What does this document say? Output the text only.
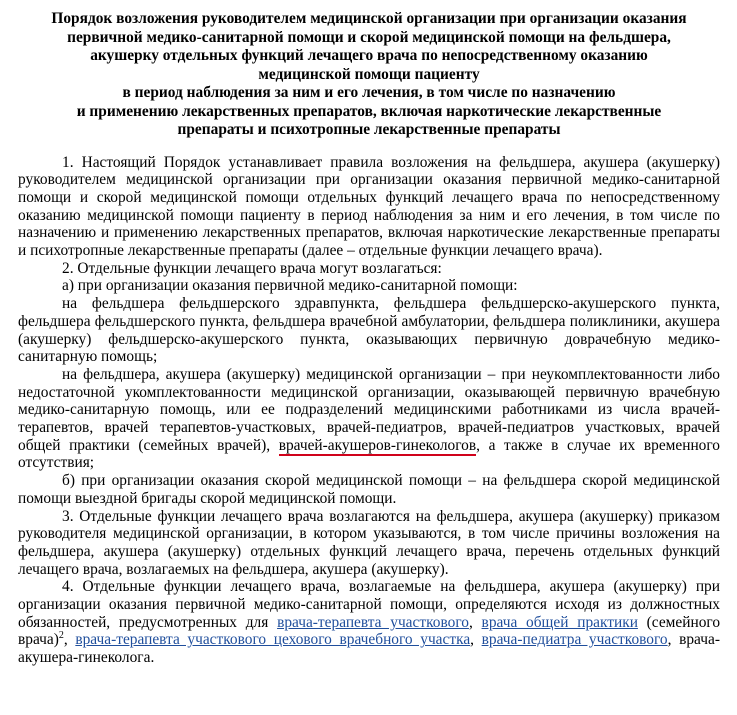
Порядок возложения руководителем медицинской организации при организации оказания
первичной медико-санитарной помощи и скорой медицинской помощи на фельдшера,
акушерку отдельных функций лечащего врача по непосредственному оказанию
медицинской помощи пациенту
в период наблюдения за ним и его лечения, в том числе по назначению
и применению лекарственных препаратов, включая наркотические лекарственные
препараты и психотропные лекарственные препараты

1. Настоящий Порядок устанавливает правила возложения на фельдшера, акушера (акушерку) руководителем медицинской организации при организации оказания первичной медико-санитарной помощи и скорой медицинской помощи отдельных функций лечащего врача по непосредственному оказанию медицинской помощи пациенту в период наблюдения за ним и его лечения, в том числе по назначению и применению лекарственных препаратов, включая наркотические лекарственные препараты и психотропные лекарственные препараты (далее – отдельные функции лечащего врача).

2. Отдельные функции лечащего врача могут возлагаться:

а) при организации оказания первичной медико-санитарной помощи:

на фельдшера фельдшерского здравпункта, фельдшера фельдшерско-акушерского пункта, фельдшера фельдшерского пункта, фельдшера врачебной амбулатории, фельдшера поликлиники, акушера (акушерку) фельдшерско-акушерского пункта, оказывающих первичную доврачебную медико-санитарную помощь;

на фельдшера, акушера (акушерку) медицинской организации – при неукомплектованности либо недостаточной укомплектованности медицинской организации, оказывающей первичную врачебную медико-санитарную помощь, или ее подразделений медицинскими работниками из числа врачей-терапевтов, врачей терапевтов-участковых, врачей-педиатров, врачей-педиатров участковых, врачей общей практики (семейных врачей), врачей-акушеров-гинекологов, а также в случае их временного отсутствия;

б) при организации оказания скорой медицинской помощи – на фельдшера скорой медицинской помощи выездной бригады скорой медицинской помощи.

3. Отдельные функции лечащего врача возлагаются на фельдшера, акушера (акушерку) приказом руководителя медицинской организации, в котором указываются, в том числе причины возложения на фельдшера, акушера (акушерку) отдельных функций лечащего врача, перечень отдельных функций лечащего врача, возлагаемых на фельдшера, акушера (акушерку).

4. Отдельные функции лечащего врача, возлагаемые на фельдшера, акушера (акушерку) при организации оказания первичной медико-санитарной помощи, определяются исходя из должностных обязанностей, предусмотренных для врача-терапевта участкового, врача общей практики (семейного врача)$^2$, врача-терапевта участкового цехового врачебного участка, врача-педиатра участкового, врача-акушера-гинеколога.
